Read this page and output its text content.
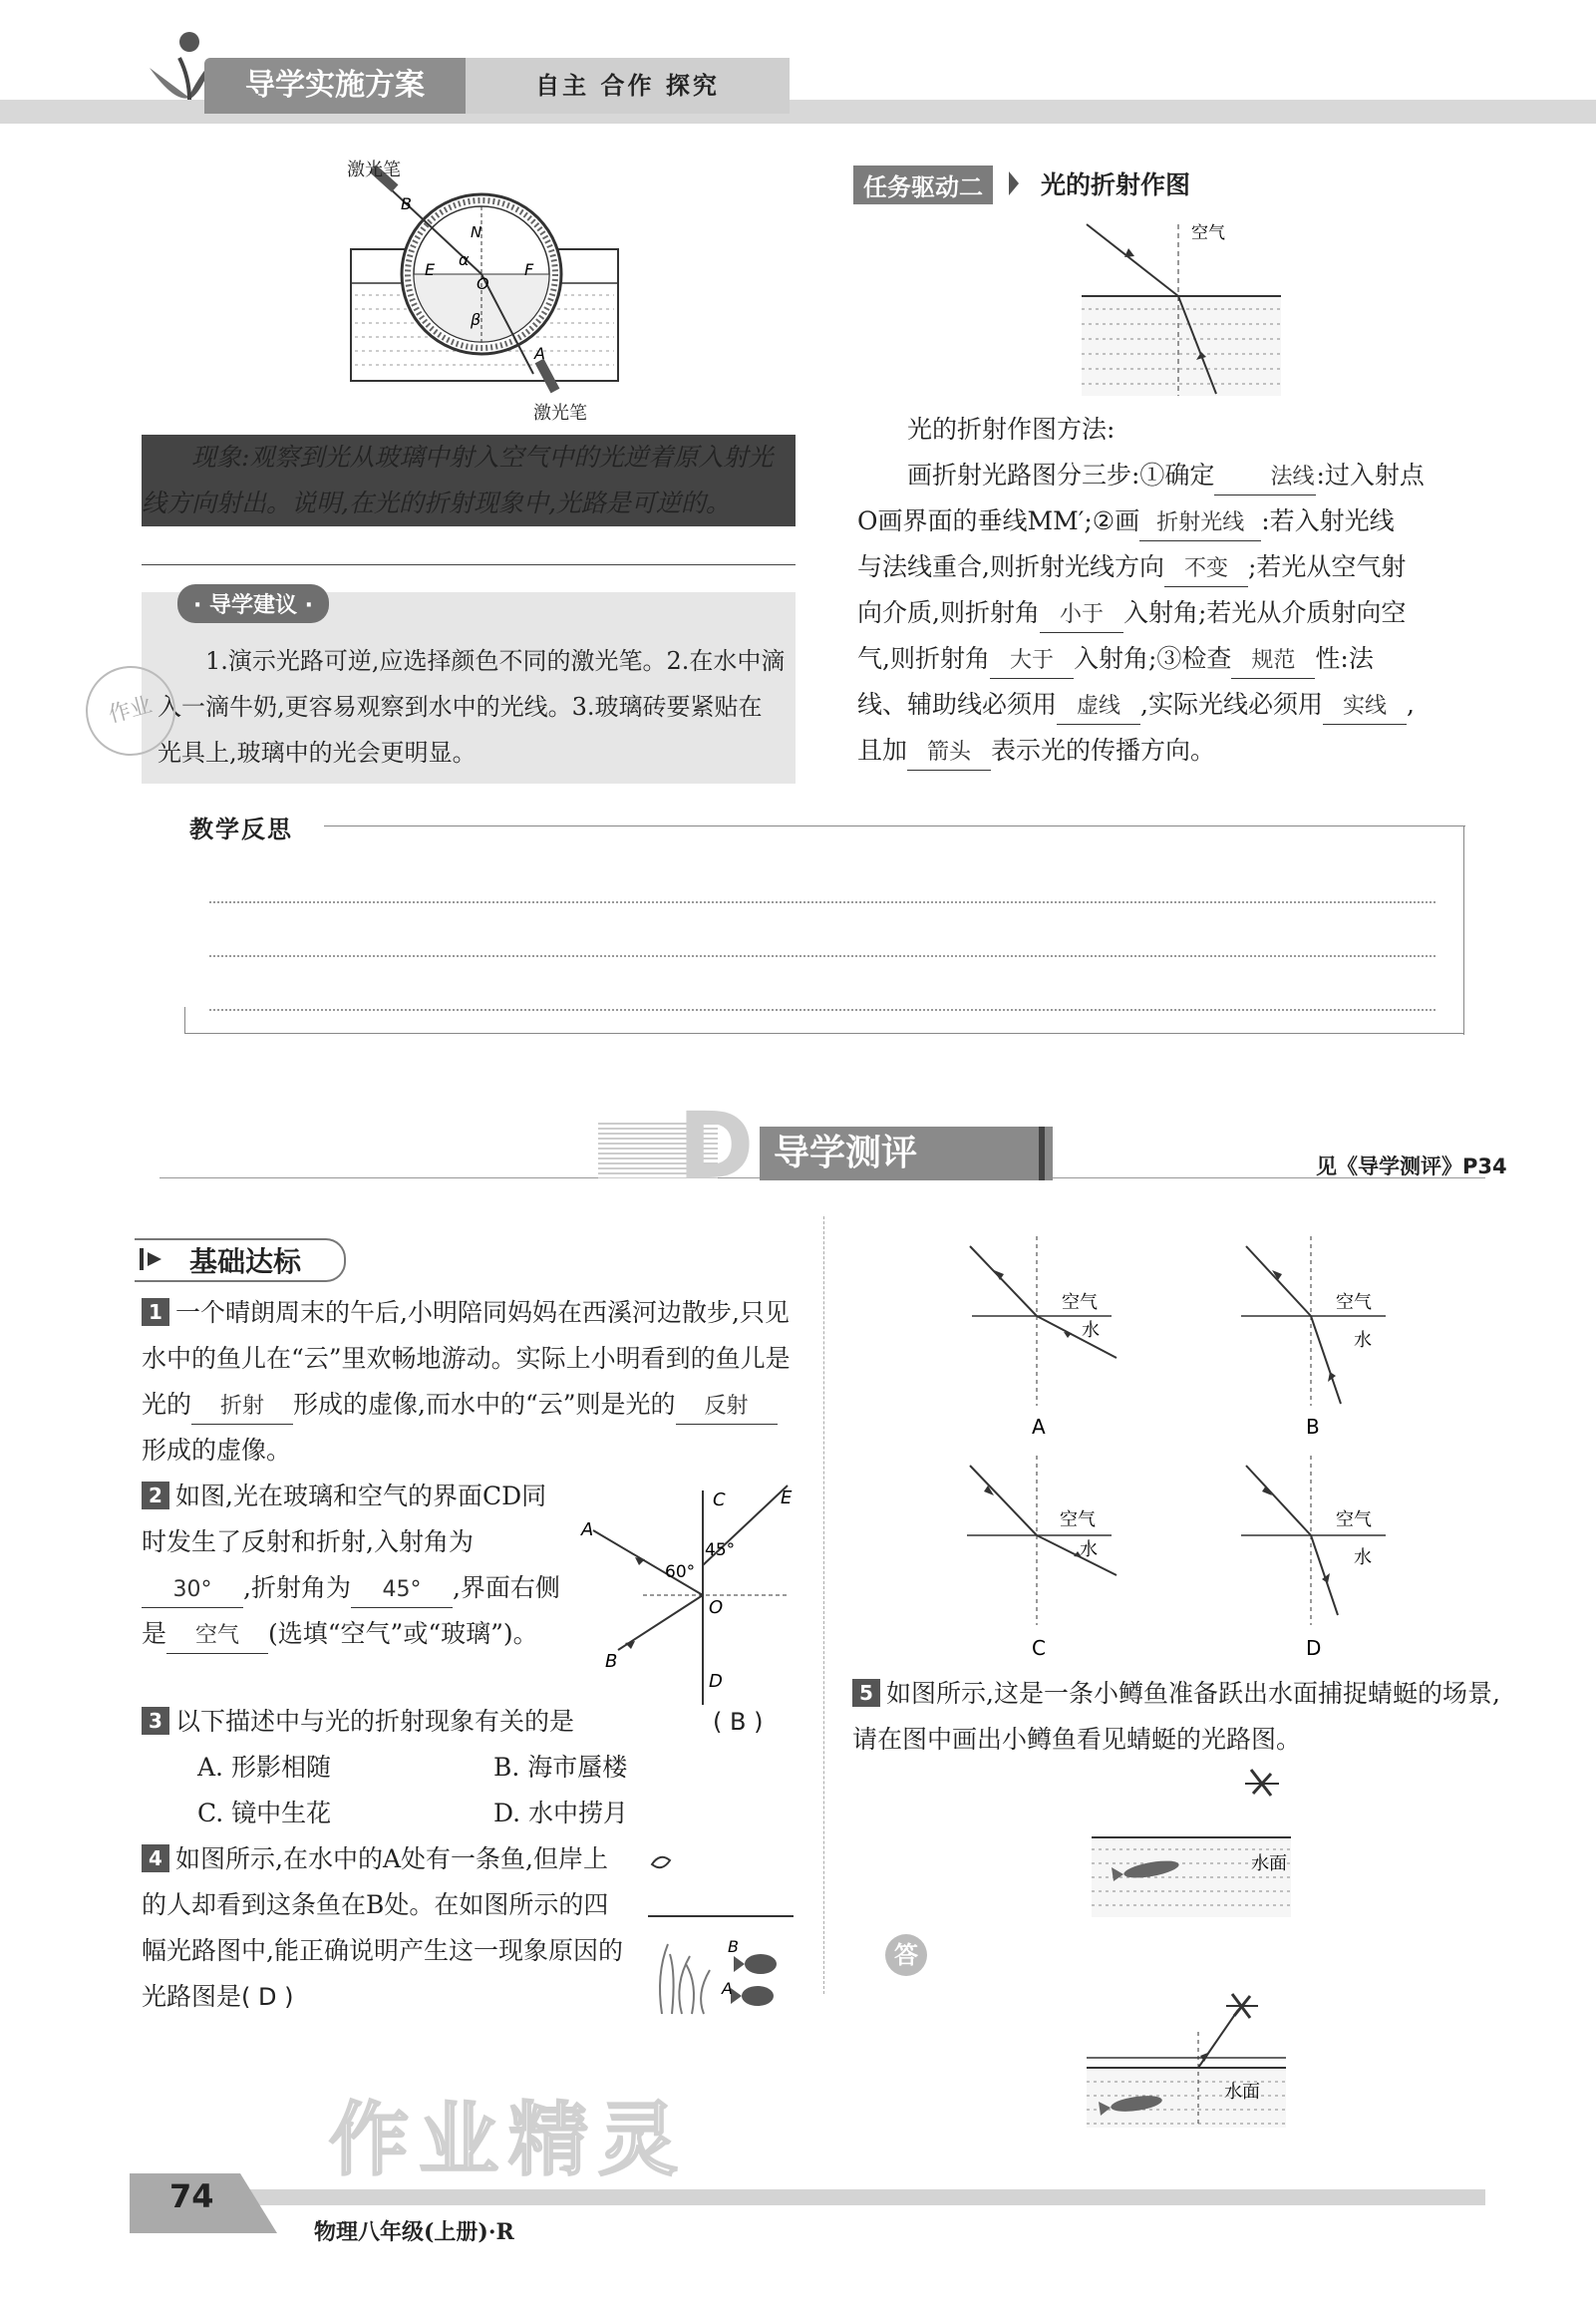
导学实施方案	自主 合作 探究
B
N
α
E
O
F
β
A
激光笔
激光笔
现象:观察到光从玻璃中射入空气中的光逆着原入射光线方向射出。说明,在光的折射现象中,光路是可逆的。
· 导学建议 ·
1.演示光路可逆,应选择颜色不同的激光笔。2.在水中滴入一滴牛奶,更容易观察到水中的光线。3.玻璃砖要紧贴在光具上,玻璃中的光会更明显。
作业
任务驱动二	光的折射作图
空气
光的折射作图方法:
画折射光路图分三步:①确定	法线:过入射点
O画界面的垂线MM′;②画 折射光线 :若入射光线
与法线重合,则折射光线方向 不变 ;若光从空气射
向介质,则折射角 小于 入射角;若光从介质射向空
气,则折射角 大于 入射角;③检查 规范 性:法
线、辅助线必须用 虚线 ,实际光线必须用 实线 ,
且加 箭头 表示光的传播方向。
教学反思
D 导学测评	见《导学测评》P34
基础达标
1 一个晴朗周末的午后,小明陪同妈妈在西溪河边散步,只见水中的鱼儿在“云”里欢畅地游动。实际上小明看到的鱼儿是光的 折射 形成的虚像,而水中的“云”则是光的 反射形成的虚像。
2 如图,光在玻璃和空气的界面CD同时发生了反射和折射,入射角为30° ,折射角为 45° ,界面右侧是 空气 (选填“空气”或“玻璃”)。
C	E
A
60°
45°
O
B
D
3 以下描述中与光的折射现象有关的是	( B )
A. 形影相随	B. 海市蜃楼
C. 镜中生花	D. 水中捞月
4 如图所示,在水中的A处有一条鱼,但岸上的人却看到这条鱼在B处。在如图所示的四幅光路图中,能正确说明产生这一现象原因的光路图是( D )
B
A
空气
水
A
空气
水
B
空气
水
C
空气
水
D
5 如图所示,这是一条小鳟鱼准备跃出水面捕捉蜻蜓的场景,请在图中画出小鳟鱼看见蜻蜓的光路图。
水面
答
水面
作业精灵
74
物理八年级(上册)·R
